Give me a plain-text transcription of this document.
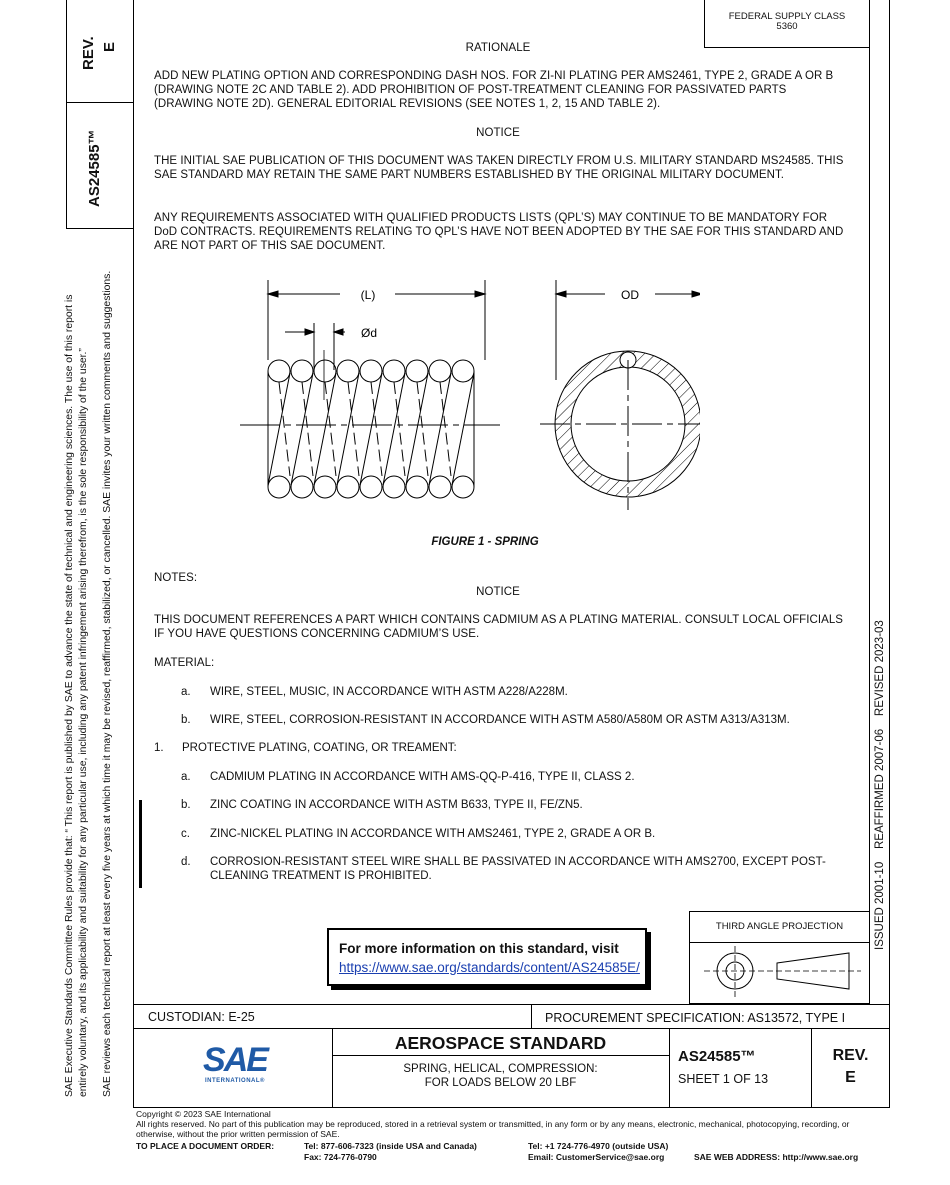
FEDERAL SUPPLY CLASS
5360
REV. E
AS24585™
SAE Executive Standards Committee Rules provide that: “ This report is published by SAE to advance the state of technical and engineering sciences. The use of this report is entirely voluntary, and its applicability and suitability for any particular use, including any patent infringement arising therefrom, is the sole responsibility of the user.” SAE reviews each technical report at least every five years at which time it may be revised, reaffirmed, stabilized, or cancelled. SAE invites your written comments and suggestions.	ISSUED 2001-10    REAFFIRMED 2007-06    REVISED 2023-03
RATIONALE
ADD NEW PLATING OPTION AND CORRESPONDING DASH NOS. FOR ZI-NI PLATING PER AMS2461, TYPE 2, GRADE A OR B (DRAWING NOTE 2C AND TABLE 2). ADD PROHIBITION OF POST-TREATMENT CLEANING FOR PASSIVATED PARTS (DRAWING NOTE 2D). GENERAL EDITORIAL REVISIONS (SEE NOTES 1, 2, 15 AND TABLE 2).
NOTICE
THE INITIAL SAE PUBLICATION OF THIS DOCUMENT WAS TAKEN DIRECTLY FROM U.S. MILITARY STANDARD MS24585. THIS SAE STANDARD MAY RETAIN THE SAME PART NUMBERS ESTABLISHED BY THE ORIGINAL MILITARY DOCUMENT.
ANY REQUIREMENTS ASSOCIATED WITH QUALIFIED PRODUCTS LISTS (QPL’S) MAY CONTINUE TO BE MANDATORY FOR DoD CONTRACTS. REQUIREMENTS RELATING TO QPL’S HAVE NOT BEEN ADOPTED BY THE SAE FOR THIS STANDARD AND ARE NOT PART OF THIS SAE DOCUMENT.
(L)
Ød
OD
FIGURE 1 - SPRING
NOTES:
NOTICE
THIS DOCUMENT REFERENCES A PART WHICH CONTAINS CADMIUM AS A PLATING MATERIAL. CONSULT LOCAL OFFICIALS IF YOU HAVE QUESTIONS CONCERNING CADMIUM’S USE.
MATERIAL:
a. WIRE, STEEL, MUSIC, IN ACCORDANCE WITH ASTM A228/A228M.
b. WIRE, STEEL, CORROSION-RESISTANT IN ACCORDANCE WITH ASTM A580/A580M OR ASTM A313/A313M.
1. PROTECTIVE PLATING, COATING, OR TREAMENT:
a. CADMIUM PLATING IN ACCORDANCE WITH AMS-QQ-P-416, TYPE II, CLASS 2.
b. ZINC COATING IN ACCORDANCE WITH ASTM B633, TYPE II, FE/ZN5.
c. ZINC-NICKEL PLATING IN ACCORDANCE WITH AMS2461, TYPE 2, GRADE A OR B.
d. CORROSION-RESISTANT STEEL WIRE SHALL BE PASSIVATED IN ACCORDANCE WITH AMS2700, EXCEPT POST-CLEANING TREATMENT IS PROHIBITED.
For more information on this standard, visit
https://www.sae.org/standards/content/AS24585E/
THIRD ANGLE PROJECTION
CUSTODIAN: E-25	PROCUREMENT SPECIFICATION: AS13572, TYPE I
SAE
INTERNATIONAL®
AEROSPACE STANDARD
SPRING, HELICAL, COMPRESSION:
FOR LOADS BELOW 20 LBF
AS24585™
SHEET 1 OF 13
REV.
E
Copyright © 2023 SAE International
All rights reserved. No part of this publication may be reproduced, stored in a retrieval system or transmitted, in any form or by any means, electronic, mechanical, photocopying, recording, or otherwise, without the prior written permission of SAE.
TO PLACE A DOCUMENT ORDER:	Tel: 877-606-7323 (inside USA and Canada)
Fax: 724-776-0790
Tel: +1 724-776-4970 (outside USA)
Email: CustomerService@sae.org	SAE WEB ADDRESS: http://www.sae.org
